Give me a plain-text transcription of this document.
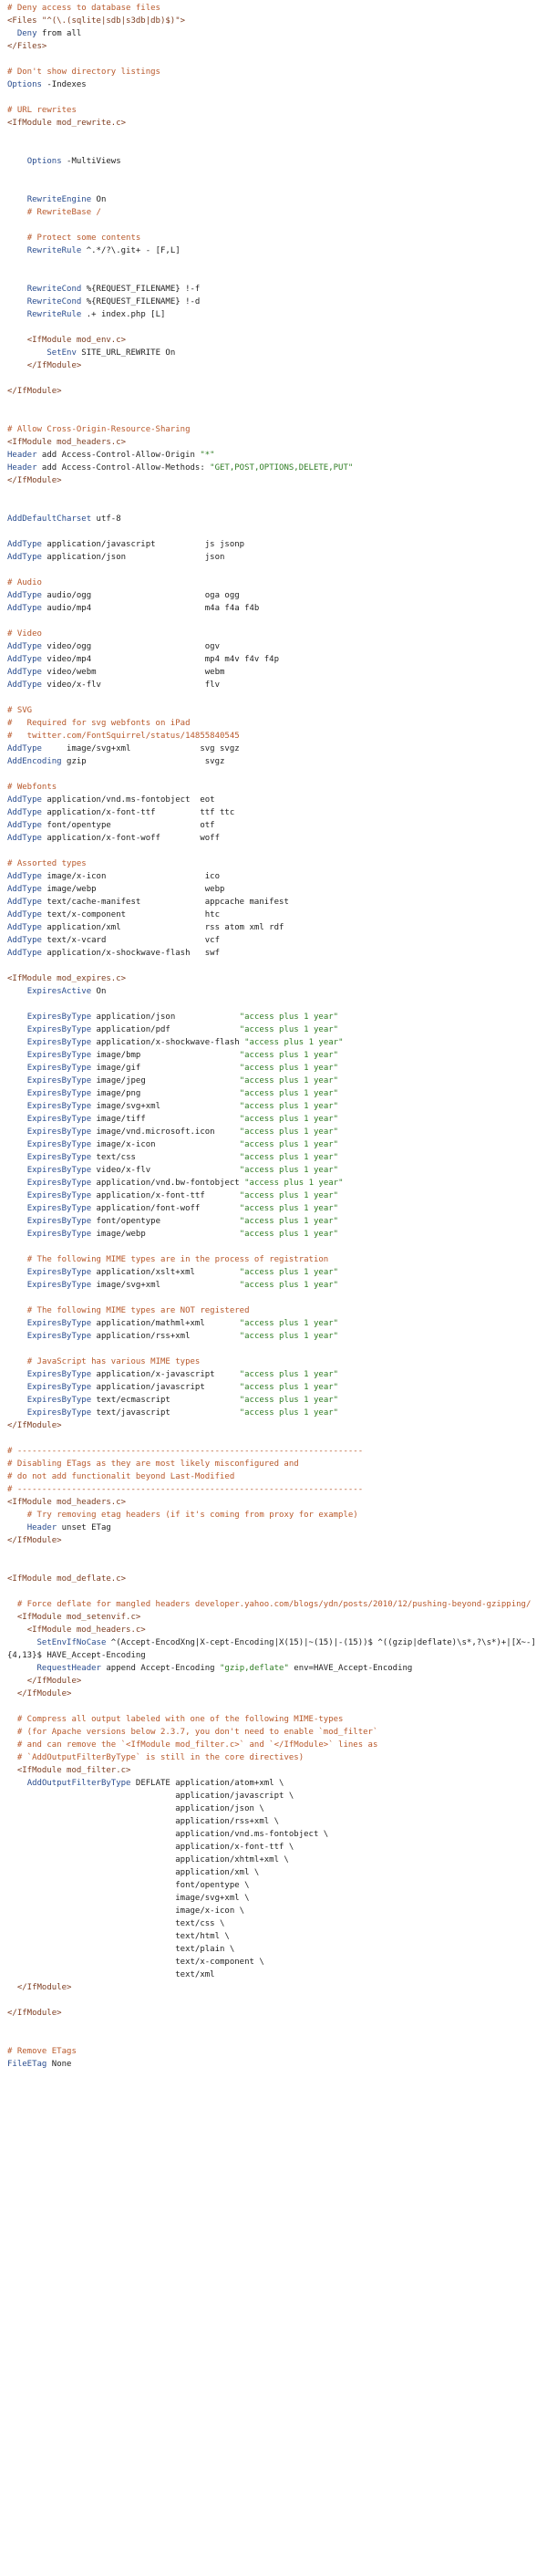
# Deny access to database files
<Files "^(\.(sqlite|sdb|s3db|db)$)">
Deny from all
</Files>
# Don't show directory listings
Options -Indexes
# URL rewrites
<IfModule mod_rewrite.c>
Options -MultiViews
RewriteEngine On
# RewriteBase /
# Protect some contents
RewriteRule ^.*/?\.git+ - [F,L]
RewriteCond %{REQUEST_FILENAME} !-f
RewriteCond %{REQUEST_FILENAME} !-d
RewriteRule .+ index.php [L]
<IfModule mod_env.c>
SetEnv SITE_URL_REWRITE On
</IfModule>
</IfModule>
# Allow Cross-Origin-Resource-Sharing
<IfModule mod_headers.c>
Header add Access-Control-Allow-Origin "*"
Header add Access-Control-Allow-Methods: "GET,POST,OPTIONS,DELETE,PUT"
</IfModule>
AddDefaultCharset utf-8
AddType application/javascript          js jsonp
AddType application/json                json
# Audio
AddType audio/ogg                       oga ogg
AddType audio/mp4                       m4a f4a f4b
# Video
AddType video/ogg                       ogv
AddType video/mp4                       mp4 m4v f4v f4p
AddType video/webm                      webm
AddType video/x-flv                     flv
# SVG
#   Required for svg webfonts on iPad
#   twitter.com/FontSquirrel/status/14855840545
AddType     image/svg+xml              svg svgz
AddEncoding gzip                        svgz
# Webfonts
AddType application/vnd.ms-fontobject  eot
AddType application/x-font-ttf         ttf ttc
AddType font/opentype                  otf
AddType application/x-font-woff        woff
# Assorted types
AddType image/x-icon                    ico
AddType image/webp                      webp
AddType text/cache-manifest             appcache manifest
AddType text/x-component                htc
AddType application/xml                 rss atom xml rdf
AddType text/x-vcard                    vcf
AddType application/x-shockwave-flash   swf
<IfModule mod_expires.c>
ExpiresActive On
ExpiresByType application/json             "access plus 1 year"
ExpiresByType application/pdf              "access plus 1 year"
ExpiresByType application/x-shockwave-flash "access plus 1 year"
ExpiresByType image/bmp                    "access plus 1 year"
ExpiresByType image/gif                    "access plus 1 year"
ExpiresByType image/jpeg                   "access plus 1 year"
ExpiresByType image/png                    "access plus 1 year"
ExpiresByType image/svg+xml                "access plus 1 year"
ExpiresByType image/tiff                   "access plus 1 year"
ExpiresByType image/vnd.microsoft.icon     "access plus 1 year"
ExpiresByType image/x-icon                 "access plus 1 year"
ExpiresByType text/css                     "access plus 1 year"
ExpiresByType video/x-flv                  "access plus 1 year"
ExpiresByType application/vnd.bw-fontobject "access plus 1 year"
ExpiresByType application/x-font-ttf       "access plus 1 year"
ExpiresByType application/font-woff        "access plus 1 year"
ExpiresByType font/opentype                "access plus 1 year"
ExpiresByType image/webp                   "access plus 1 year"
# The following MIME types are in the process of registration
ExpiresByType application/xslt+xml         "access plus 1 year"
ExpiresByType image/svg+xml                "access plus 1 year"
# The following MIME types are NOT registered
ExpiresByType application/mathml+xml       "access plus 1 year"
ExpiresByType application/rss+xml          "access plus 1 year"
# JavaScript has various MIME types
ExpiresByType application/x-javascript     "access plus 1 year"
ExpiresByType application/javascript       "access plus 1 year"
ExpiresByType text/ecmascript              "access plus 1 year"
ExpiresByType text/javascript              "access plus 1 year"
</IfModule>
# ----------------------------------------------------------------------
# Disabling ETags as they are most likely misconfigured and
# do not add functionalit beyond Last-Modified
# ----------------------------------------------------------------------
<IfModule mod_headers.c>
# Try removing etag headers (if it's coming from proxy for example)
Header unset ETag
</IfModule>
<IfModule mod_deflate.c>
# Force deflate for mangled headers developer.yahoo.com/blogs/ydn/posts/2010/12/pushing-beyond-gzipping/
<IfModule mod_setenvif.c>
<IfModule mod_headers.c>
SetEnvIfNoCase ^(Accept-EncodXng|X-cept-Encoding|X(15)|~(15)|-(15))$ ^((gzip|deflate)\s*,?\s*)+|[X~-]{4,13}$ HAVE_Accept-Encoding
RequestHeader append Accept-Encoding "gzip,deflate" env=HAVE_Accept-Encoding
</IfModule>
</IfModule>
# Compress all output labeled with one of the following MIME-types
# (for Apache versions below 2.3.7, you don't need to enable `mod_filter`
# and can remove the `<IfModule mod_filter.c>` and `</IfModule>` lines as
# `AddOutputFilterByType` is still in the core directives)
<IfModule mod_filter.c>
AddOutputFilterByType DEFLATE application/atom+xml \
application/javascript \
application/json \
application/rss+xml \
application/vnd.ms-fontobject \
application/x-font-ttf \
application/xhtml+xml \
application/xml \
font/opentype \
image/svg+xml \
image/x-icon \
text/css \
text/html \
text/plain \
text/x-component \
text/xml
</IfModule>
</IfModule>
# Remove ETags
FileETag None
